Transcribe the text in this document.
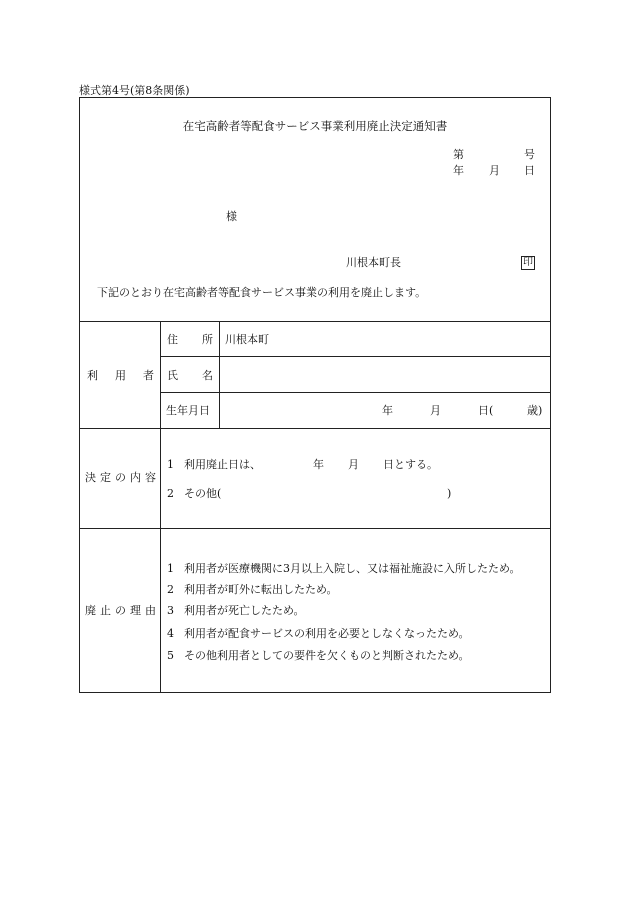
様式第4号(第8条関係)
在宅高齢者等配食サービス事業利用廃止決定通知書
第	号
年 月 日
様
川根本町長	印
下記のとおり在宅高齢者等配食サービス事業の利用を廃止します。
利 用 者
住 所 川根本町
氏 名
生年月日	年	月	日(	歳)
決定の内容
1 利用廃止日は、	年 月 日とする。
2 その他(	)
廃止の理由
1 利用者が医療機関に3月以上入院し、又は福祉施設に入所したため。
2 利用者が町外に転出したため。
3 利用者が死亡したため。
4 利用者が配食サービスの利用を必要としなくなったため。
5 その他利用者としての要件を欠くものと判断されたため。
